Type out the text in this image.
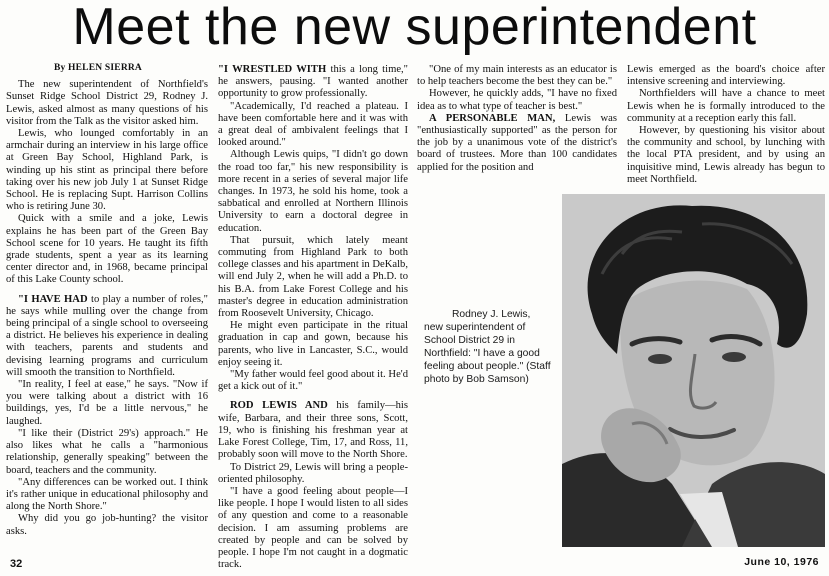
Meet the new superintendent

By HELEN SIERRA

The new superintendent of Northfield's Sunset Ridge School District 29, Rodney J. Lewis, asked almost as many questions of his visitor from the Talk as the visitor asked him.

Lewis, who lounged comfortably in an armchair during an interview in his large office at Green Bay School, Highland Park, is winding up his stint as principal there before taking over his new job July 1 at Sunset Ridge School. He is replacing Supt. Harrison Collins who is retiring June 30.

Quick with a smile and a joke, Lewis explains he has been part of the Green Bay School scene for 10 years. He taught its fifth grade students, spent a year as its learning center director and, in 1968, became principal of this Lake County school.

"I HAVE HAD to play a number of roles," he says while mulling over the change from being principal of a single school to overseeing a district. He believes his experience in dealing with teachers, parents and students and devising learning programs and curriculum will smooth the transition to Northfield.

"In reality, I feel at ease," he says. "Now if you were talking about a district with 16 buildings, yes, I'd be a little nervous," he laughed.

"I like their (District 29's) approach." He also likes what he calls a "harmonious relationship, generally speaking" between the board, teachers and the community.

"Any differences can be worked out. I think it's rather unique in educational philosophy and along the North Shore."

Why did you go job-hunting? the visitor asks.

"I WRESTLED WITH this a long time," he answers, pausing. "I wanted another opportunity to grow professionally.

"Academically, I'd reached a plateau. I have been comfortable here and it was with a great deal of ambivalent feelings that I looked around."

Although Lewis quips, "I didn't go down the road too far," his new responsibility is more recent in a series of several major life changes. In 1973, he sold his home, took a sabbatical and enrolled at Northern Illinois University to earn a doctoral degree in education.

That pursuit, which lately meant commuting from Highland Park to both college classes and his apartment in DeKalb, will end July 2, when he will add a Ph.D. to his B.A. from Lake Forest College and his master's degree in education administration from Roosevelt University, Chicago.

He might even participate in the ritual graduation in cap and gown, because his parents, who live in Lancaster, S.C., would enjoy seeing it.

"My father would feel good about it. He'd get a kick out of it."

ROD LEWIS AND his family—his wife, Barbara, and their three sons, Scott, 19, who is finishing his freshman year at Lake Forest College, Tim, 17, and Ross, 11, probably soon will move to the North Shore.

To District 29, Lewis will bring a people-oriented philosophy.

"I have a good feeling about people—I like people. I hope I would listen to all sides of any question and come to a reasonable decision. I am assuming problems are created by people and can be solved by people. I hope I'm not caught in a dogmatic track.

"One of my main interests as an educator is to help teachers become the best they can be."

However, he quickly adds, "I have no fixed idea as to what type of teacher is best."

A PERSONABLE MAN, Lewis was "enthusiastically supported" as the person for the job by a unanimous vote of the district's board of trustees. More than 100 candidates applied for the position and

Lewis emerged as the board's choice after intensive screening and interviewing.

Northfielders will have a chance to meet Lewis when he is formally introduced to the community at a reception early this fall.

However, by questioning his visitor about the community and school, by lunching with the local PTA president, and by using an inquisitive mind, Lewis already has begun to meet Northfield.

Rodney J. Lewis, new superintendent of School District 29 in Northfield: "I have a good feeling about people." (Staff photo by Bob Samson)
32	June 10, 1976
